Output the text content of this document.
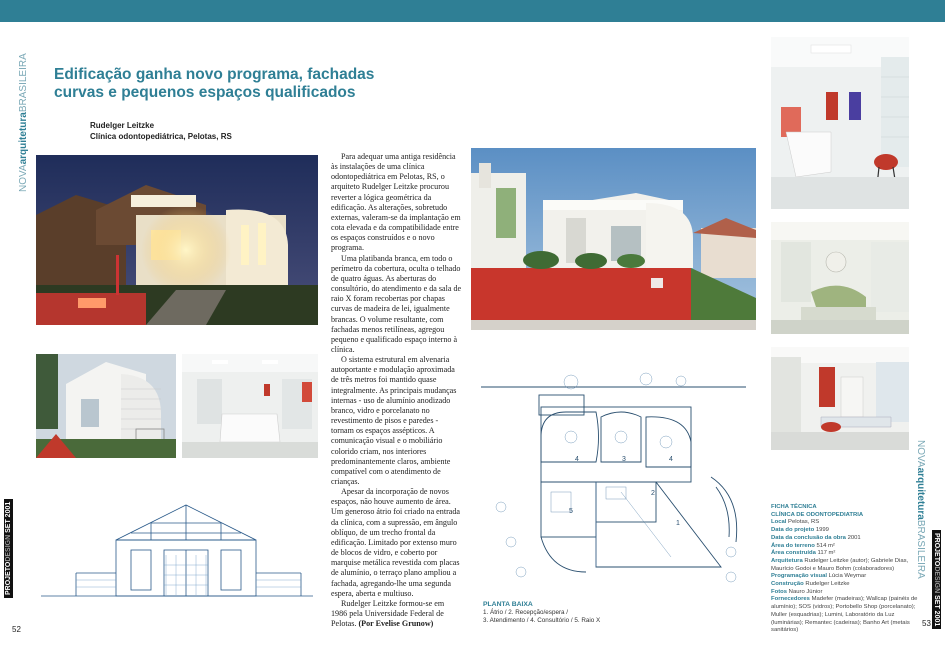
NOVAarquiteturaBRASILEIRA
PROJETODESIGN SET 2001
NOVAarquiteturaBRASILEIRA PROJETODESIGN SET 2001
Edificação ganha novo programa, fachadas curvas e pequenos espaços qualificados
Rudelger Leitzke
Clínica odontopediátrica, Pelotas, RS

Para adequar uma antiga residência às instalações de uma clínica odontopediátrica em Pelotas, RS, o arquiteto Rudelger Leitzke procurou reverter a lógica geométrica da edificação. As alterações, sobretudo externas, valeram-se da implantação em cota elevada e da compatibilidade entre os espaços construídos e o novo programa.

Uma platibanda branca, em todo o perímetro da cobertura, oculta o telhado de quatro águas. As aberturas do consultório, do atendimento e da sala de raio X foram recobertas por chapas curvas de madeira de lei, igualmente brancas. O volume resultante, com fachadas menos retilíneas, agregou pequeno e qualificado espaço interno à clínica.

O sistema estrutural em alvenaria autoportante e modulação aproximada de três metros foi mantido quase integralmente. As principais mudanças internas - uso de alumínio anodizado branco, vidro e porcelanato no revestimento de pisos e paredes - tornam os espaços assépticos. A comunicação visual e o mobiliário colorido criam, nos interiores predominantemente claros, ambiente compatível com o atendimento de crianças.

Apesar da incorporação de novos espaços, não houve aumento de área. Um generoso átrio foi criado na entrada da clínica, com a supressão, em ângulo oblíquo, de um trecho frontal da edificação. Limitado por extenso muro de blocos de vidro, e coberto por marquise metálica revestida com placas de alumínio, o terraço plano ampliou a fachada, agregando-lhe uma segunda espera, aberta e multiuso.

Rudelger Leitzke formou-se em 1986 pela Universidade Federal de Pelotas. (Por Evelise Grunow)

4	3	4
2
5
1
PLANTA BAIXA
1. Átrio / 2. Recepção/espera /
3. Atendimento / 4. Consultório / 5. Raio X
FICHA TÉCNICA
CLÍNICA DE ODONTOPEDIATRIA
Local Pelotas, RS
Data do projeto 1999
Data da conclusão da obra 2001
Área do terreno 514 m²
Área construída 117 m²
Arquitetura Rudelger Leitzke (autor); Gabriele Dias, Maurício Godoi e Mauro Bohm (colaboradores)
Programação visual Lúcia Weymar
Construção Rudelger Leitzke
Fotos Nauro Júnior
Fornecedores Madefer (madeiras); Wallcap (painéis de alumínio); SOS (vidros); Portobello Shop (porcelanato); Muller (esquadrias); Lumini, Laboratório da Luz (luminárias); Remantec (cadeiras); Banho Art (metais sanitários)
52
53
